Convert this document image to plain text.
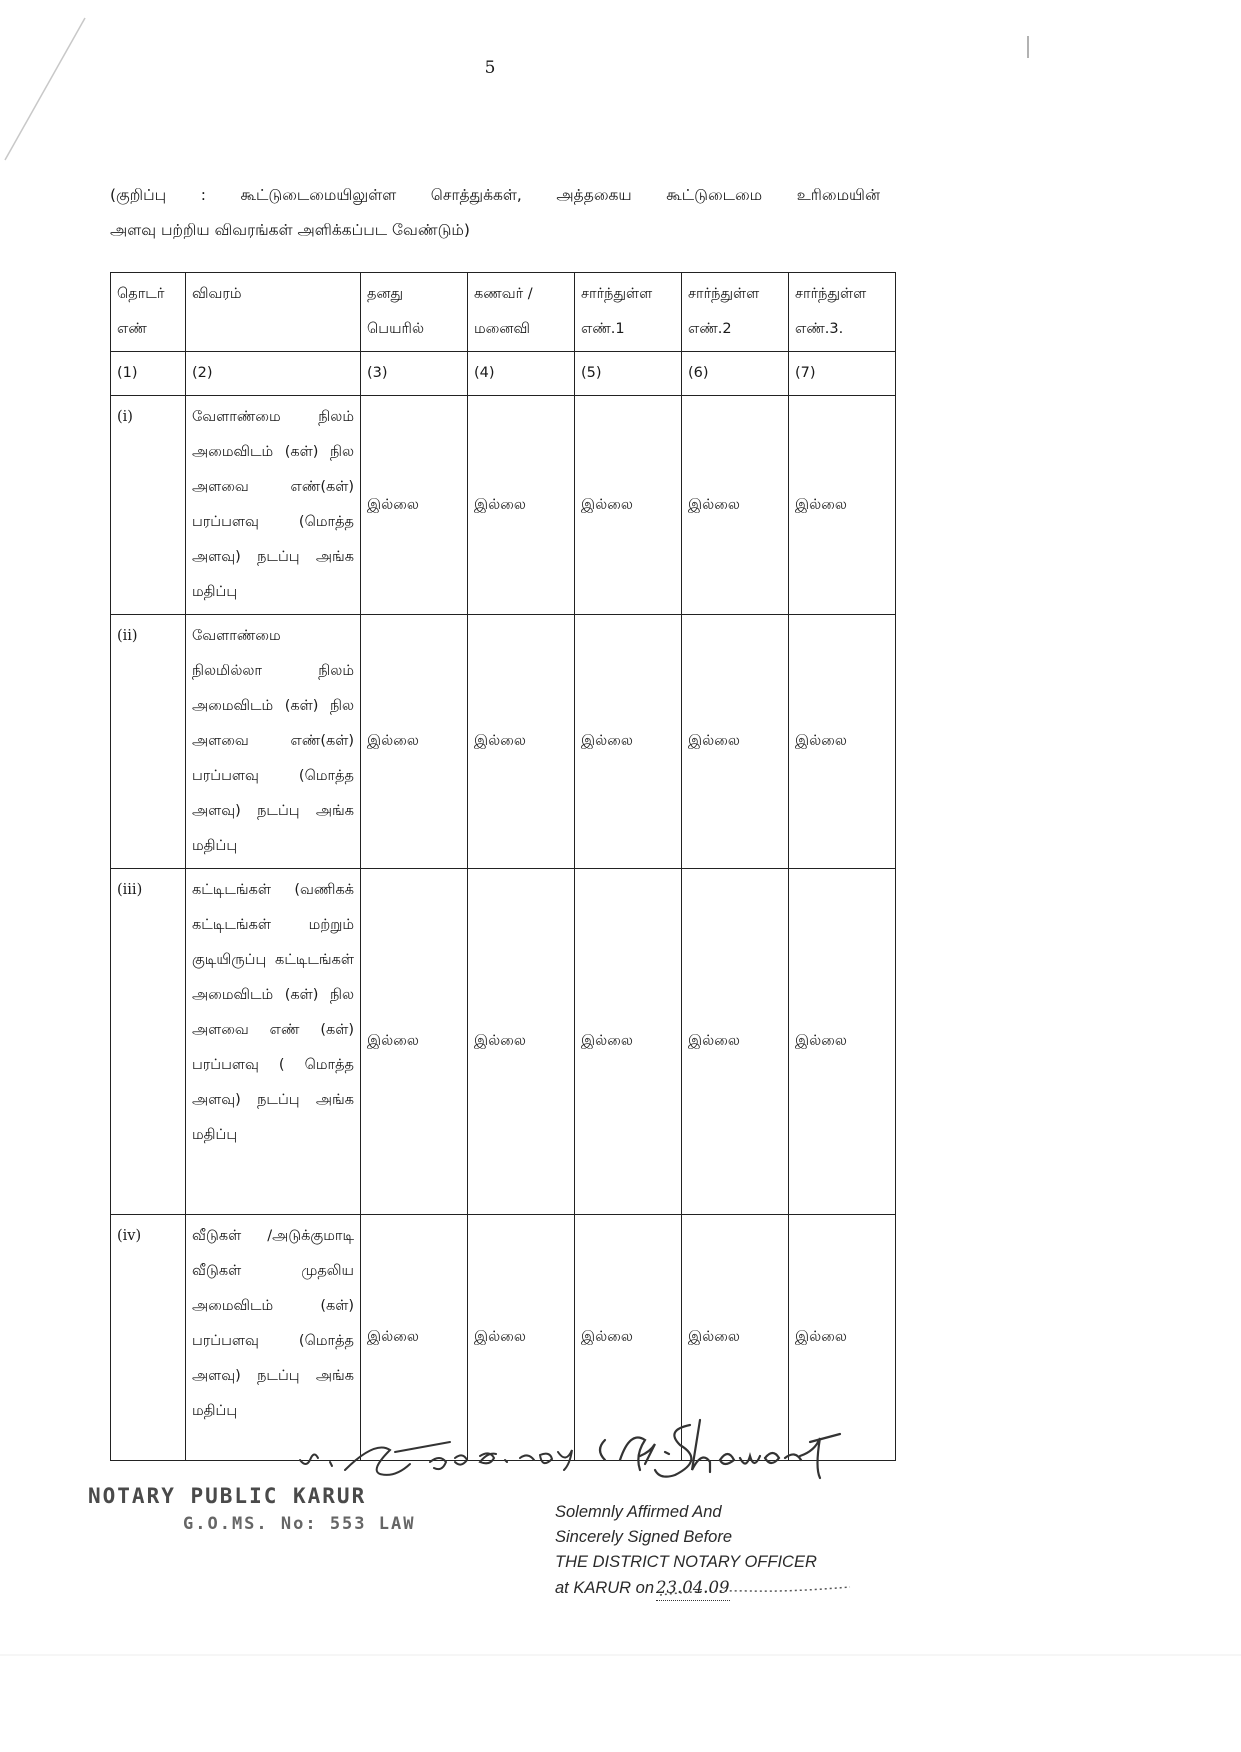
5
(குறிப்பு : கூட்டுடைமையிலுள்ள சொத்துக்கள், அத்தகைய கூட்டுடைமை உரிமையின்
அளவு பற்றிய விவரங்கள் அளிக்கப்பட வேண்டும்)
தொடர் எண்	விவரம்	தனது பெயரில்	கணவர் / மனைவி	சார்ந்துள்ள எண்.1	சார்ந்துள்ள எண்.2	சார்ந்துள்ள எண்.3.
(1)	(2)	(3)	(4)	(5)	(6)	(7)
(i)	வேளாண்மை நிலம் அமைவிடம் (கள்) நில அளவை எண்(கள்) பரப்பளவு (மொத்த அளவு) நடப்பு அங்க மதிப்பு	இல்லை	இல்லை	இல்லை	இல்லை	இல்லை
(ii)	வேளாண்மை நிலமில்லா நிலம் அமைவிடம் (கள்) நில அளவை எண்(கள்) பரப்பளவு (மொத்த அளவு) நடப்பு அங்க மதிப்பு	இல்லை	இல்லை	இல்லை	இல்லை	இல்லை
(iii)	கட்டிடங்கள் (வணிகக் கட்டிடங்கள் மற்றும் குடியிருப்பு கட்டிடங்கள் அமைவிடம் (கள்) நில அளவை எண் (கள்) பரப்பளவு ( மொத்த அளவு) நடப்பு அங்க மதிப்பு	இல்லை	இல்லை	இல்லை	இல்லை	இல்லை
(iv)	வீடுகள் /அடுக்குமாடி வீடுகள் முதலிய அமைவிடம் (கள்) பரப்பளவு (மொத்த அளவு) நடப்பு அங்க மதிப்பு	இல்லை	இல்லை	இல்லை	இல்லை	இல்லை
NOTARY PUBLIC KARUR
G.O.MS. No: 553 LAW
Solemnly Affirmed And
Sincerely Signed Before
THE DISTRICT NOTARY OFFICER
at KARUR on 23.04.09
